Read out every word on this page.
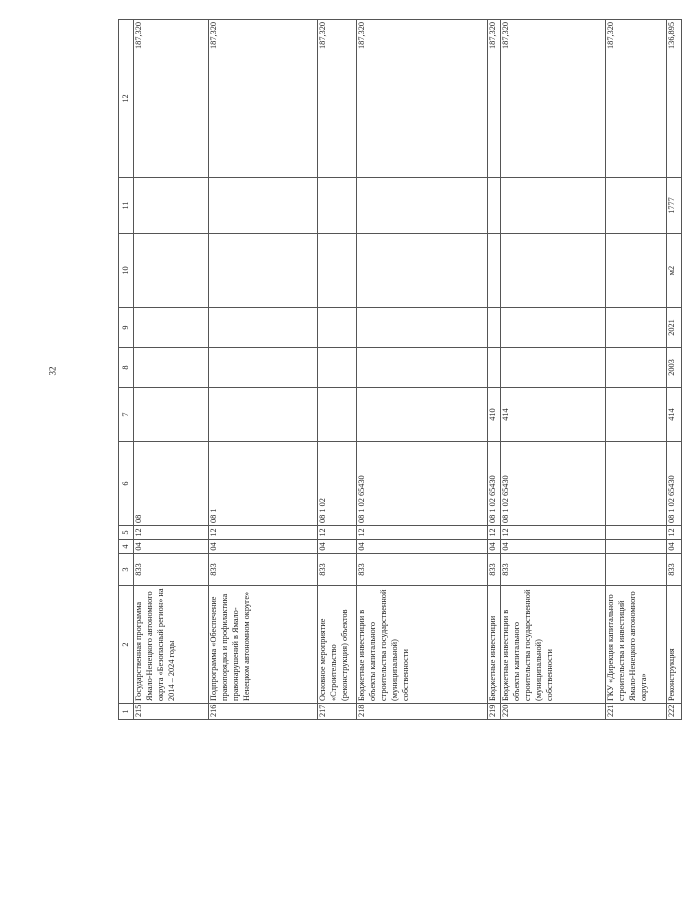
32
1	2	3	4	5	6	7	8	9	10	11	12
215	Государственная программа Ямало-Ненецкого автономного округа «Безопасный регион» на 2014 – 2024 годы	833	04	12	08						187,320
216	Подпрограмма «Обеспечение правопорядка и профилактика правонарушений в Ямало-Ненецком автономном округе»	833	04	12	08 1						187,320
217	Основное мероприятие «Строительство (реконструкция) объектов	833	04	12	08 1 02						187,320
218	Бюджетные инвестиции в объекты капитального строительства государственной (муниципальной) собственности	833	04	12	08 1 02 65430						187,320
219	Бюджетные инвестиции	833	04	12	08 1 02 65430	410					187,320
220	Бюджетные инвестиции в объекты капитального строительства государственной (муниципальной) собственности	833	04	12	08 1 02 65430	414					187,320
221	ГКУ «Дирекция капитального строительства и инвестиций Ямало-Ненецкого автономного округа»										187,320
222	Реконструкция	833	04	12	08 1 02 65430	414	2003	2021	м2	1777	136,895
